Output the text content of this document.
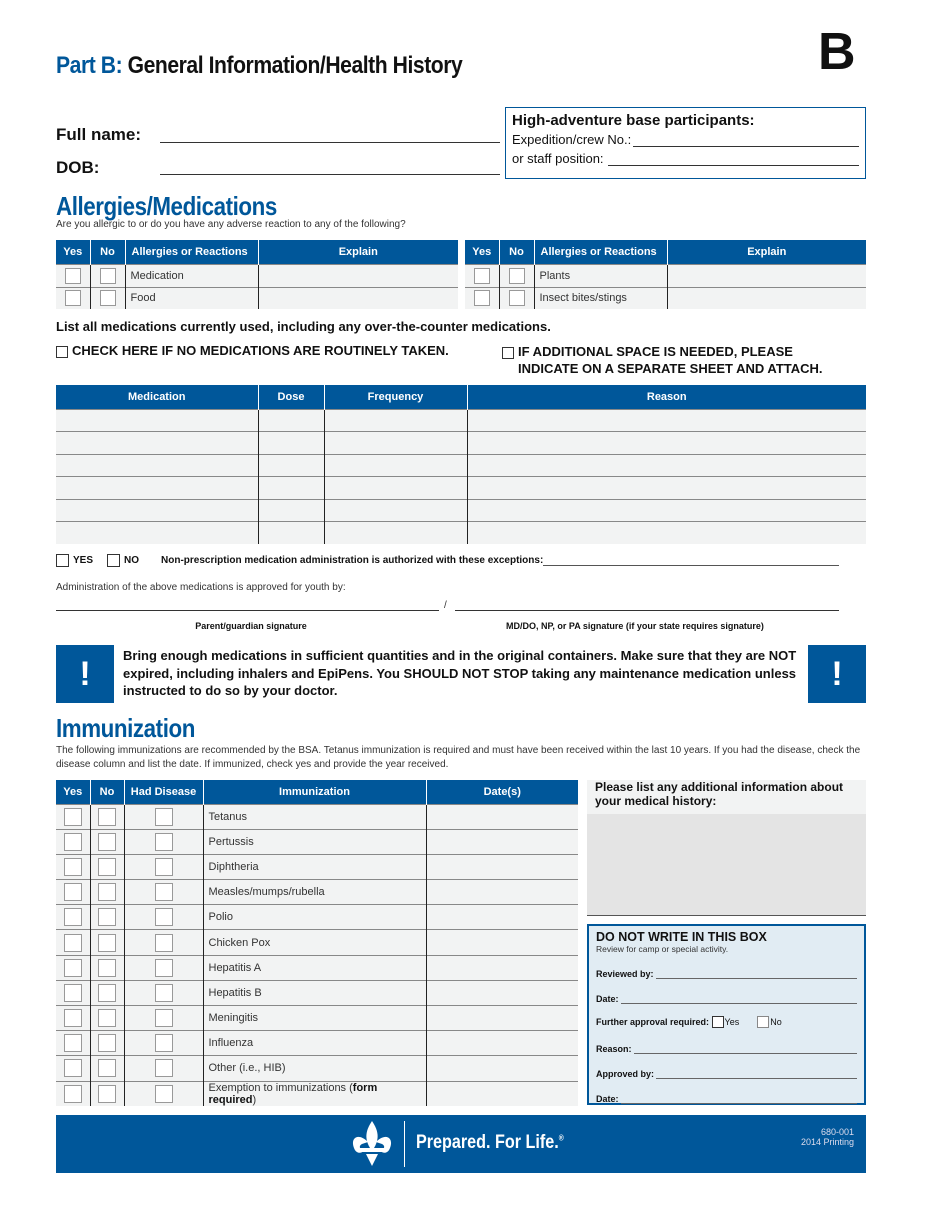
Part B: General Information/Health History	B
Full name:
DOB:
High-adventure base participants:
Expedition/crew No.:
or staff position:
Allergies/Medications
Are you allergic to or do you have any adverse reaction to any of the following?
Yes	No	Allergies or Reactions	Explain
		Medication	
		Food	
Yes	No	Allergies or Reactions	Explain
		Plants	
		Insect bites/stings	
List all medications currently used, including any over-the-counter medications.
CHECK HERE IF NO MEDICATIONS ARE ROUTINELY TAKEN.	IF ADDITIONAL SPACE IS NEEDED, PLEASE
INDICATE ON A SEPARATE SHEET AND ATTACH.
Medication	Dose	Frequency	Reason

YES	NO Non-prescription medication administration is authorized with these exceptions:
Administration of the above medications is approved for youth by:
/
Parent/guardian signature	MD/DO, NP, or PA signature (if your state requires signature)
!	Bring enough medications in sufficient quantities and in the original containers. Make sure that they are NOT expired, including inhalers and EpiPens. You SHOULD NOT STOP taking any maintenance medication unless instructed to do so by your doctor.	!
Immunization
The following immunizations are recommended by the BSA. Tetanus immunization is required and must have been received within the last 10 years. If you had the disease, check the disease column and list the date. If immunized, check yes and provide the year received.
Yes	No	Had Disease	Immunization	Date(s)
			Tetanus	
			Pertussis	
			Diphtheria	
			Measles/mumps/rubella	
			Polio	
			Chicken Pox	
			Hepatitis A	
			Hepatitis B	
			Meningitis	
			Influenza	
			Other (i.e., HIB)	
			Exemption to immunizations (form required)	
Please list any additional information about your medical history:
DO NOT WRITE IN THIS BOX
Review for camp or special activity.
Reviewed by:
Date:
Further approval required:
Yes	No
Reason:
Approved by:
Date:
Prepared. For Life.®
680-001
2014 Printing
